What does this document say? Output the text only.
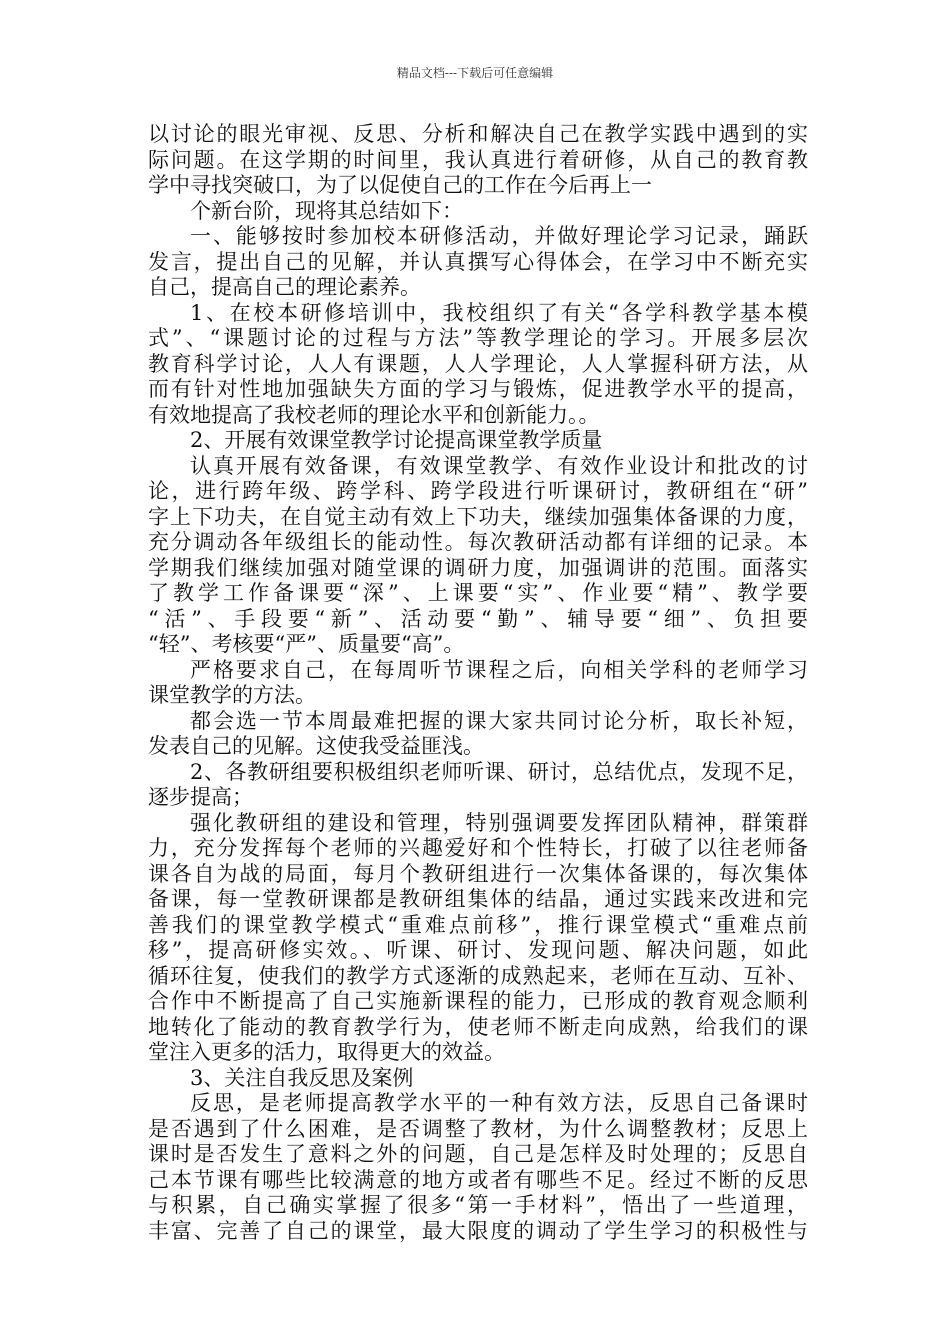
精品文档---下载后可任意编辑
以讨论的眼光审视、反思、分析和解决自己在教学实践中遇到的实
际问题。在这学期的时间里，我认真进行着研修，从自己的教育教
学中寻找突破口，为了以促使自己的工作在今后再上一
个新台阶，现将其总结如下：
一、能够按时参加校本研修活动，并做好理论学习记录，踊跃
发言，提出自己的见解，并认真撰写心得体会，在学习中不断充实
自己，提高自己的理论素养。
1、在校本研修培训中，我校组织了有关“各学科教学基本模
式”、“课题讨论的过程与方法”等教学理论的学习。开展多层次
教育科学讨论，人人有课题，人人学理论，人人掌握科研方法，从
而有针对性地加强缺失方面的学习与锻炼，促进教学水平的提高，
有效地提高了我校老师的理论水平和创新能力。。
2、开展有效课堂教学讨论提高课堂教学质量
认真开展有效备课，有效课堂教学、有效作业设计和批改的讨
论，进行跨年级、跨学科、跨学段进行听课研讨，教研组在“研”
字上下功夫，在自觉主动有效上下功夫，继续加强集体备课的力度，
充分调动各年级组长的能动性。每次教研活动都有详细的记录。本
学期我们继续加强对随堂课的调研力度，加强调讲的范围。面落实
了教学工作备课要“深”、上课要“实”、作业要“精”、教学要
“活”、手段要“新”、活动要“勤”、辅导要“细”、负担要
“轻”、考核要“严”、质量要“高”。
严格要求自己，在每周听节课程之后，向相关学科的老师学习
课堂教学的方法。
都会选一节本周最难把握的课大家共同讨论分析，取长补短，
发表自己的见解。这使我受益匪浅。
2、各教研组要积极组织老师听课、研讨，总结优点，发现不足，
逐步提高；
强化教研组的建设和管理，特别强调要发挥团队精神，群策群
力，充分发挥每个老师的兴趣爱好和个性特长，打破了以往老师备
课各自为战的局面，每月个教研组进行一次集体备课的，每次集体
备课，每一堂教研课都是教研组集体的结晶，通过实践来改进和完
善我们的课堂教学模式“重难点前移”，推行课堂模式“重难点前
移”，提高研修实效。、听课、研讨、发现问题、解决问题，如此
循环往复，使我们的教学方式逐渐的成熟起来，老师在互动、互补、
合作中不断提高了自己实施新课程的能力，已形成的教育观念顺利
地转化了能动的教育教学行为，使老师不断走向成熟，给我们的课
堂注入更多的活力，取得更大的效益。
3、关注自我反思及案例
反思，是老师提高教学水平的一种有效方法，反思自己备课时
是否遇到了什么困难，是否调整了教材，为什么调整教材；反思上
课时是否发生了意料之外的问题，自己是怎样及时处理的；反思自
己本节课有哪些比较满意的地方或者有哪些不足。经过不断的反思
与积累，自己确实掌握了很多“第一手材料”，悟出了一些道理，
丰富、完善了自己的课堂，最大限度的调动了学生学习的积极性与
